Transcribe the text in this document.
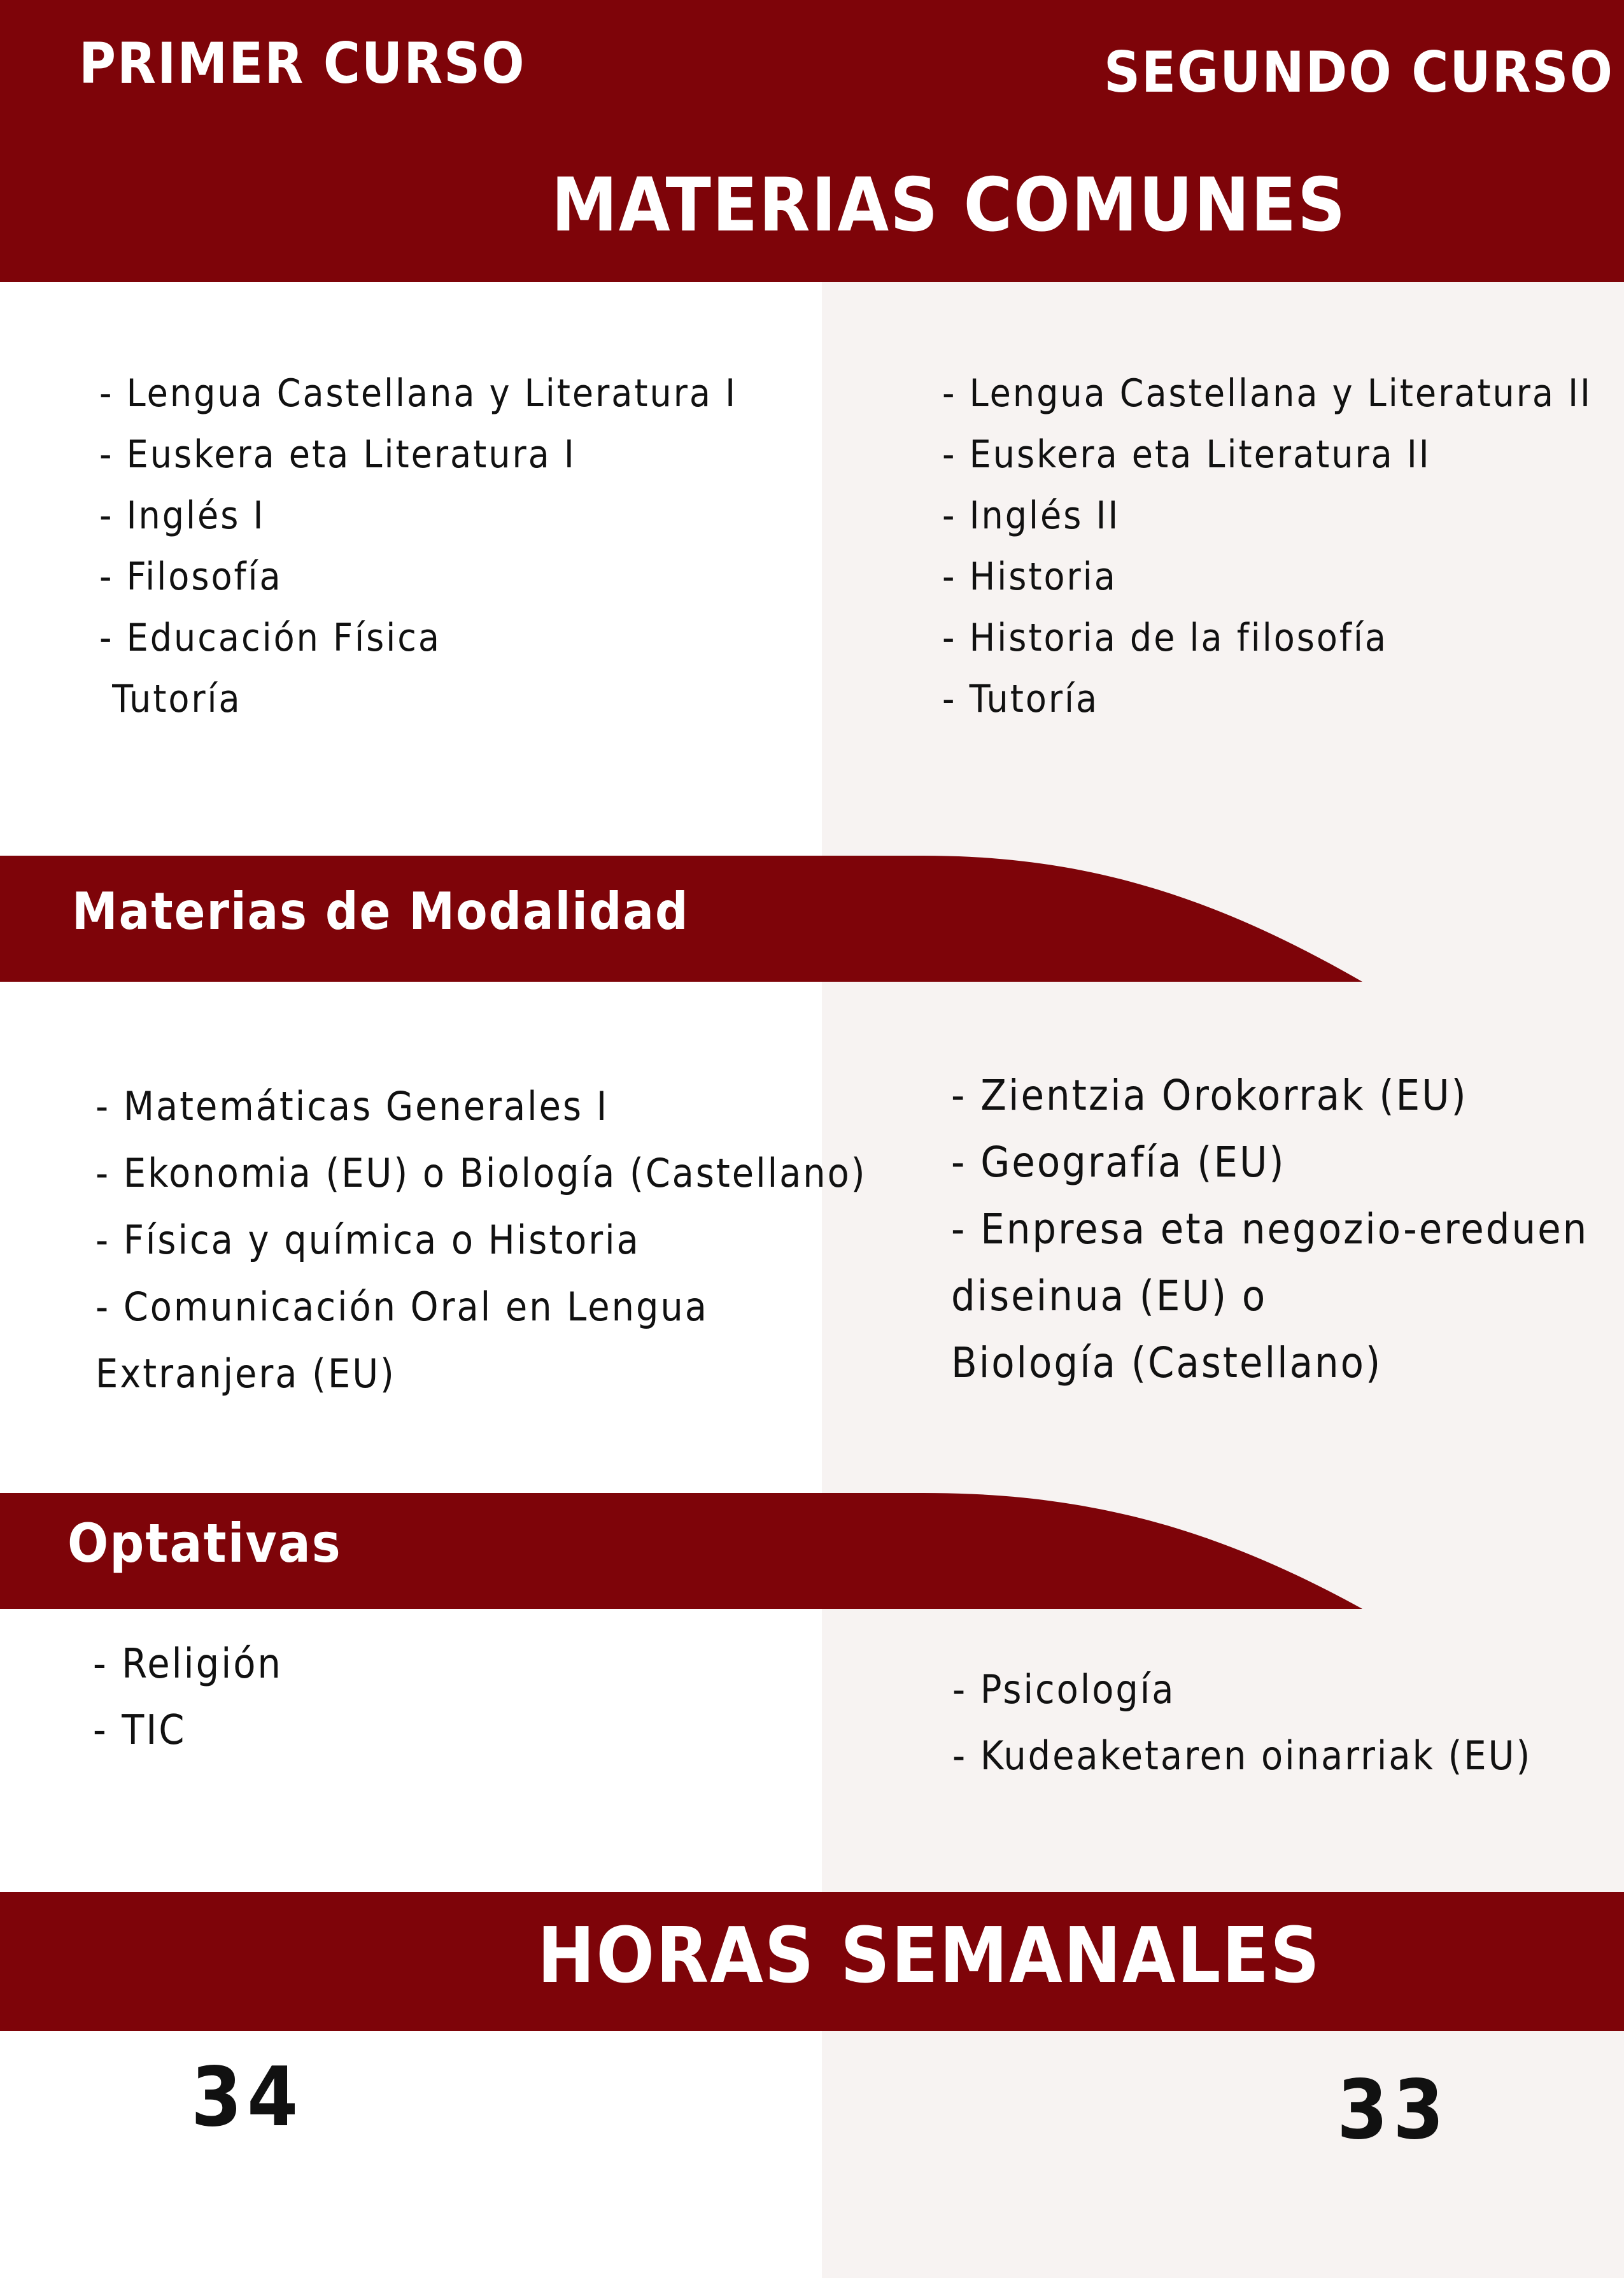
PRIMER CURSO	SEGUNDO CURSO
MATERIAS COMUNES
- Lengua Castellana y Literatura I
- Euskera eta Literatura I
- Inglés I
- Filosofía
- Educación Física
Tutoría
- Lengua Castellana y Literatura II
- Euskera eta Literatura II
- Inglés II
- Historia
- Historia de la filosofía
- Tutoría
Materias de Modalidad
- Matemáticas Generales I
- Ekonomia (EU) o Biología (Castellano)
- Física y química o Historia
- Comunicación Oral en Lengua
Extranjera (EU)
- Zientzia Orokorrak (EU)
- Geografía (EU)
- Enpresa eta negozio-ereduen
diseinua (EU) o
Biología (Castellano)
Optativas
- Religión
- TIC
- Psicología
- Kudeaketaren oinarriak (EU)
HORAS SEMANALES
34	33
